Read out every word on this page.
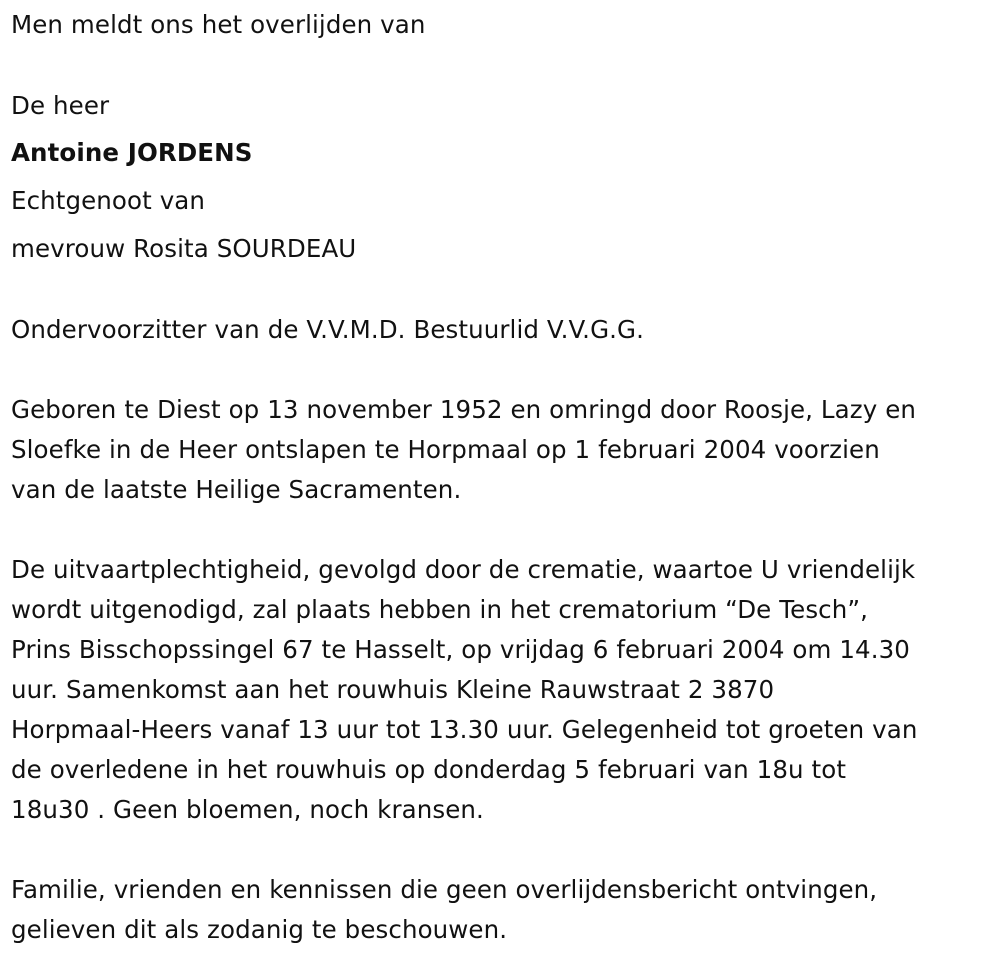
Men meldt ons het overlijden van
De heer
Antoine JORDENS
Echtgenoot van
mevrouw Rosita SOURDEAU
Ondervoorzitter van de V.V.M.D. Bestuurlid V.V.G.G.
Geboren te Diest op 13 november 1952 en omringd door Roosje, Lazy en
Sloefke in de Heer ontslapen te Horpmaal op 1 februari 2004 voorzien
van de laatste Heilige Sacramenten.
De uitvaartplechtigheid, gevolgd door de crematie, waartoe U vriendelijk
wordt uitgenodigd, zal plaats hebben in het crematorium “De Tesch”,
Prins Bisschopssingel 67 te Hasselt, op vrijdag 6 februari 2004 om 14.30
uur. Samenkomst aan het rouwhuis Kleine Rauwstraat 2 3870
Horpmaal-Heers vanaf 13 uur tot 13.30 uur. Gelegenheid tot groeten van
de overledene in het rouwhuis op donderdag 5 februari van 18u tot
18u30 . Geen bloemen, noch kransen.
Familie, vrienden en kennissen die geen overlijdensbericht ontvingen,
gelieven dit als zodanig te beschouwen.
